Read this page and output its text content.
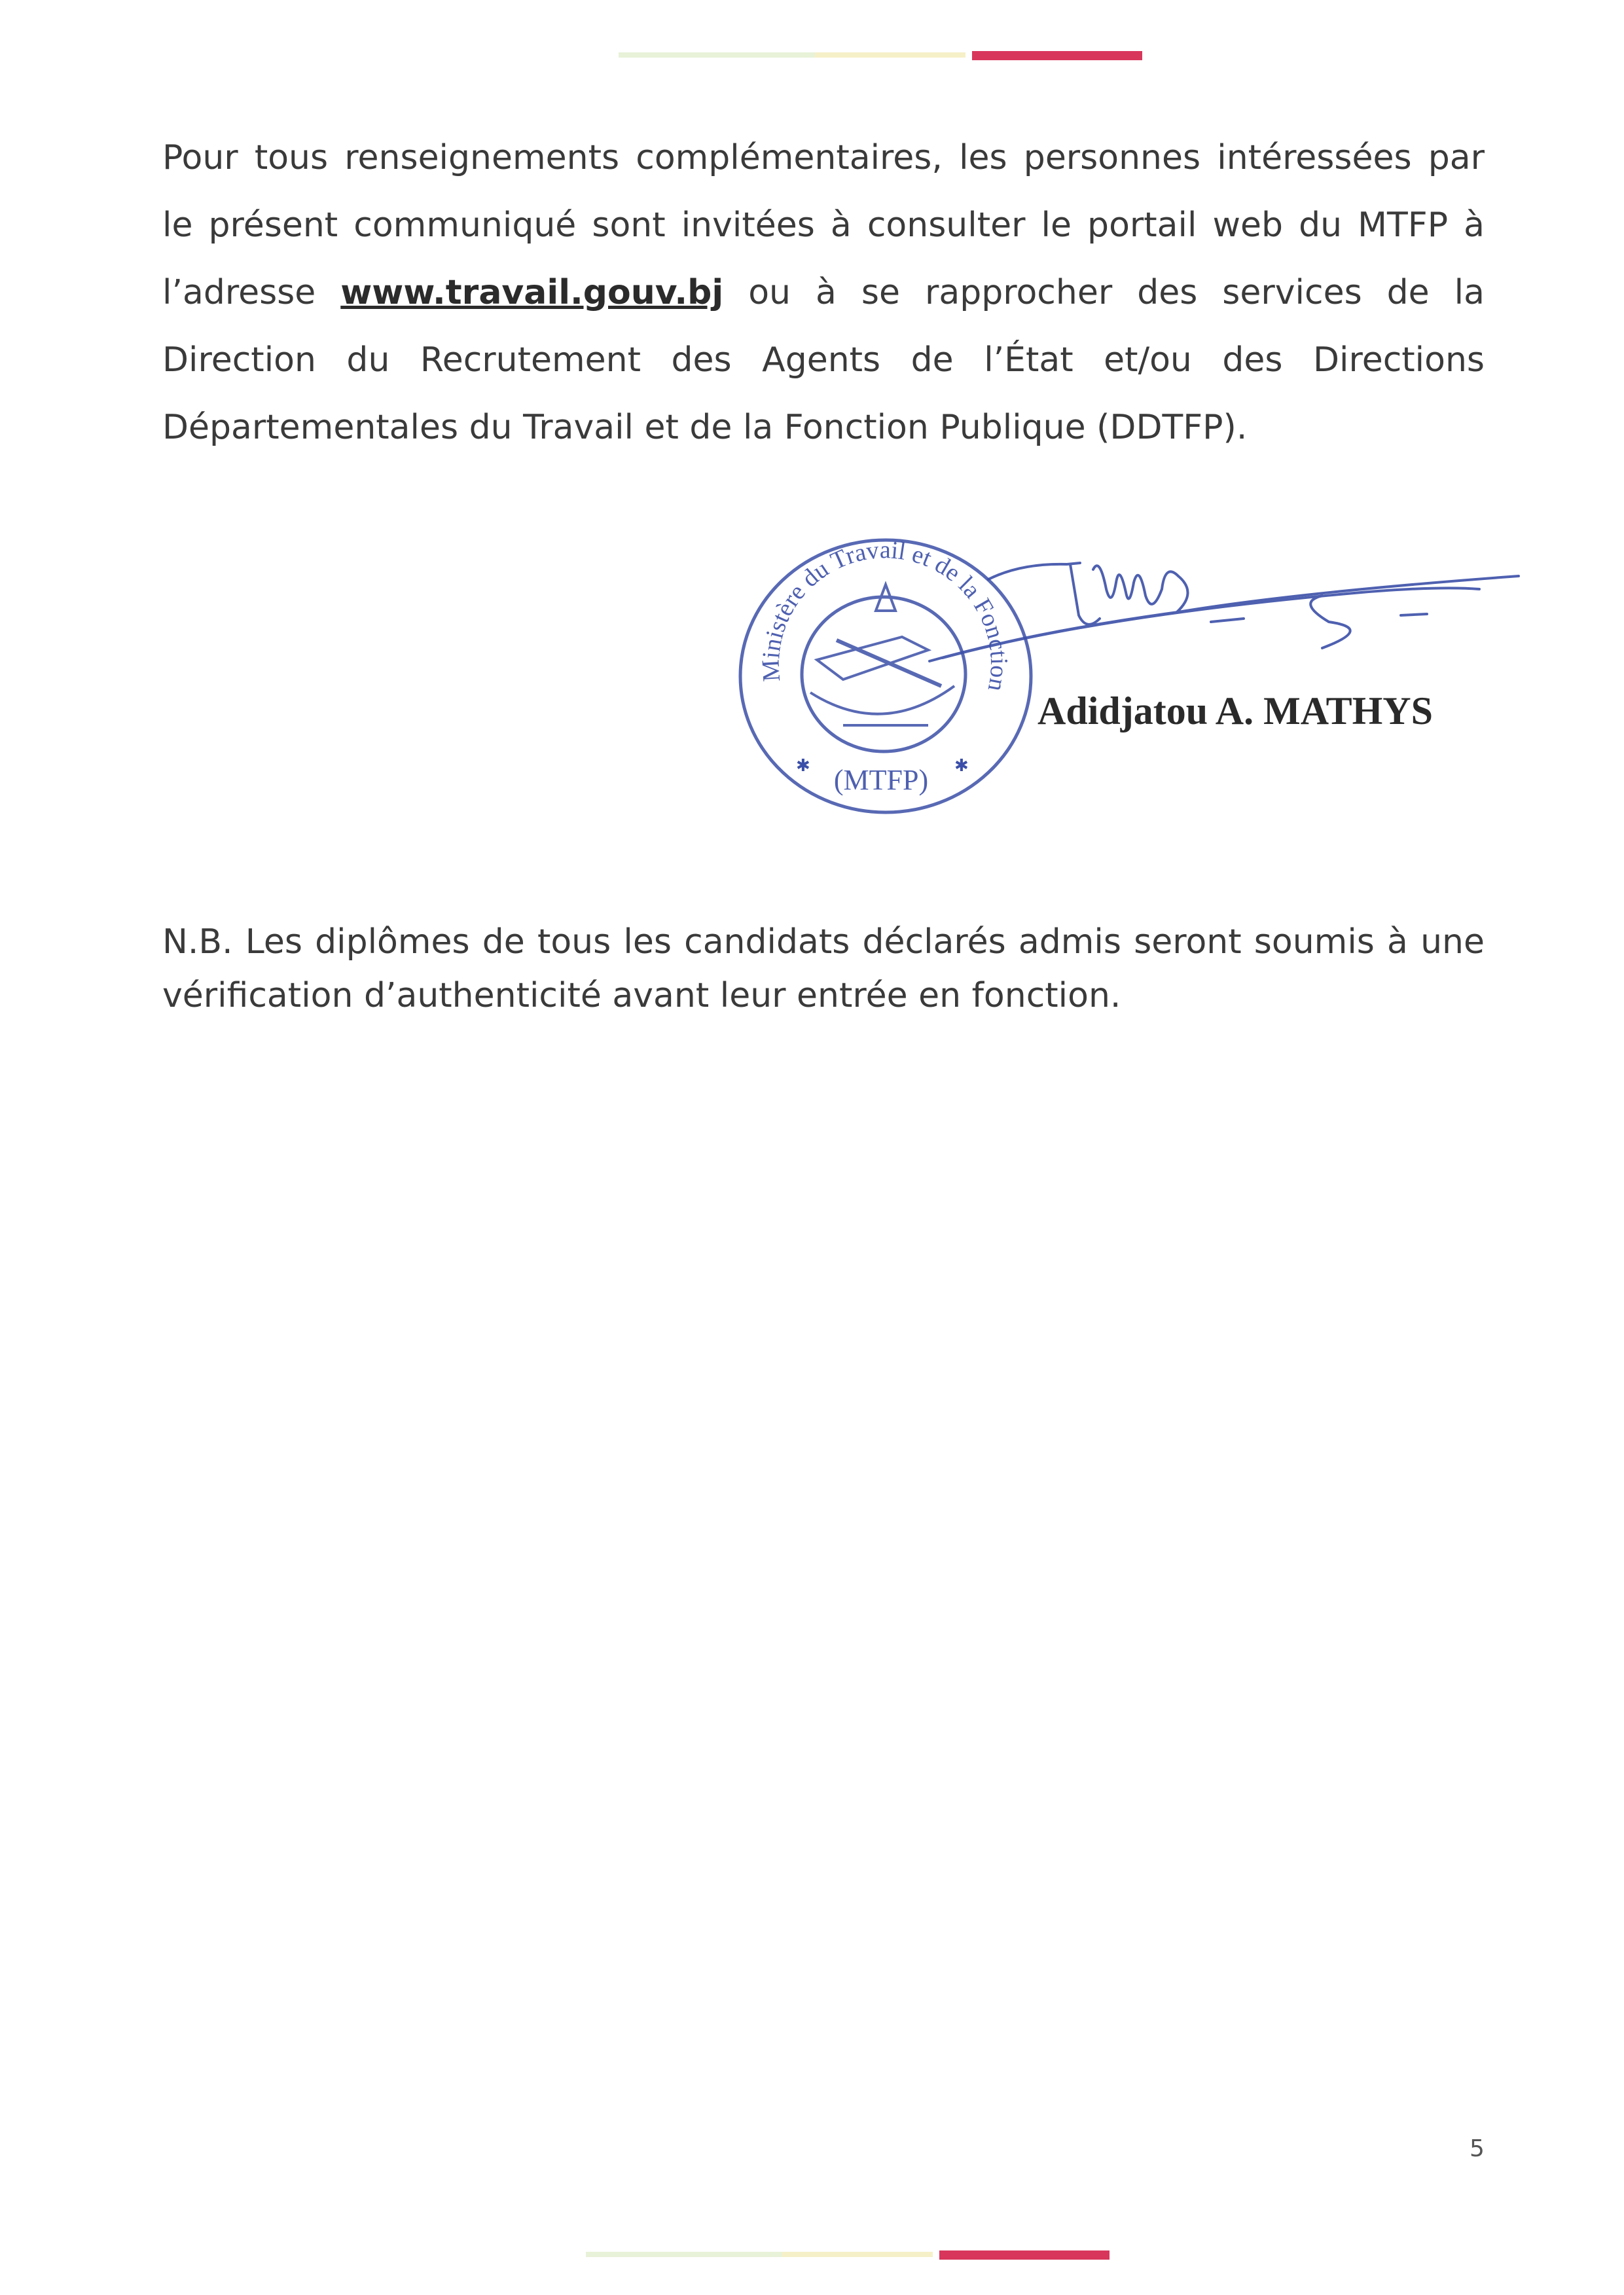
Pour tous renseignements complémentaires, les personnes intéressées par le présent communiqué sont invitées à consulter le portail web du MTFP à l’adresse www.travail.gouv.bj ou à se rapprocher des services de la Direction du Recrutement des Agents de l’État et/ou des Directions Départementales du Travail et de la Fonction Publique (DDTFP).

Ministère du Travail et de la Fonction
(MTFP)
✱	✱
Adidjatou A. MATHYS

N.B. Les diplômes de tous les candidats déclarés admis seront soumis à une vérification d’authenticité avant leur entrée en fonction.

5
